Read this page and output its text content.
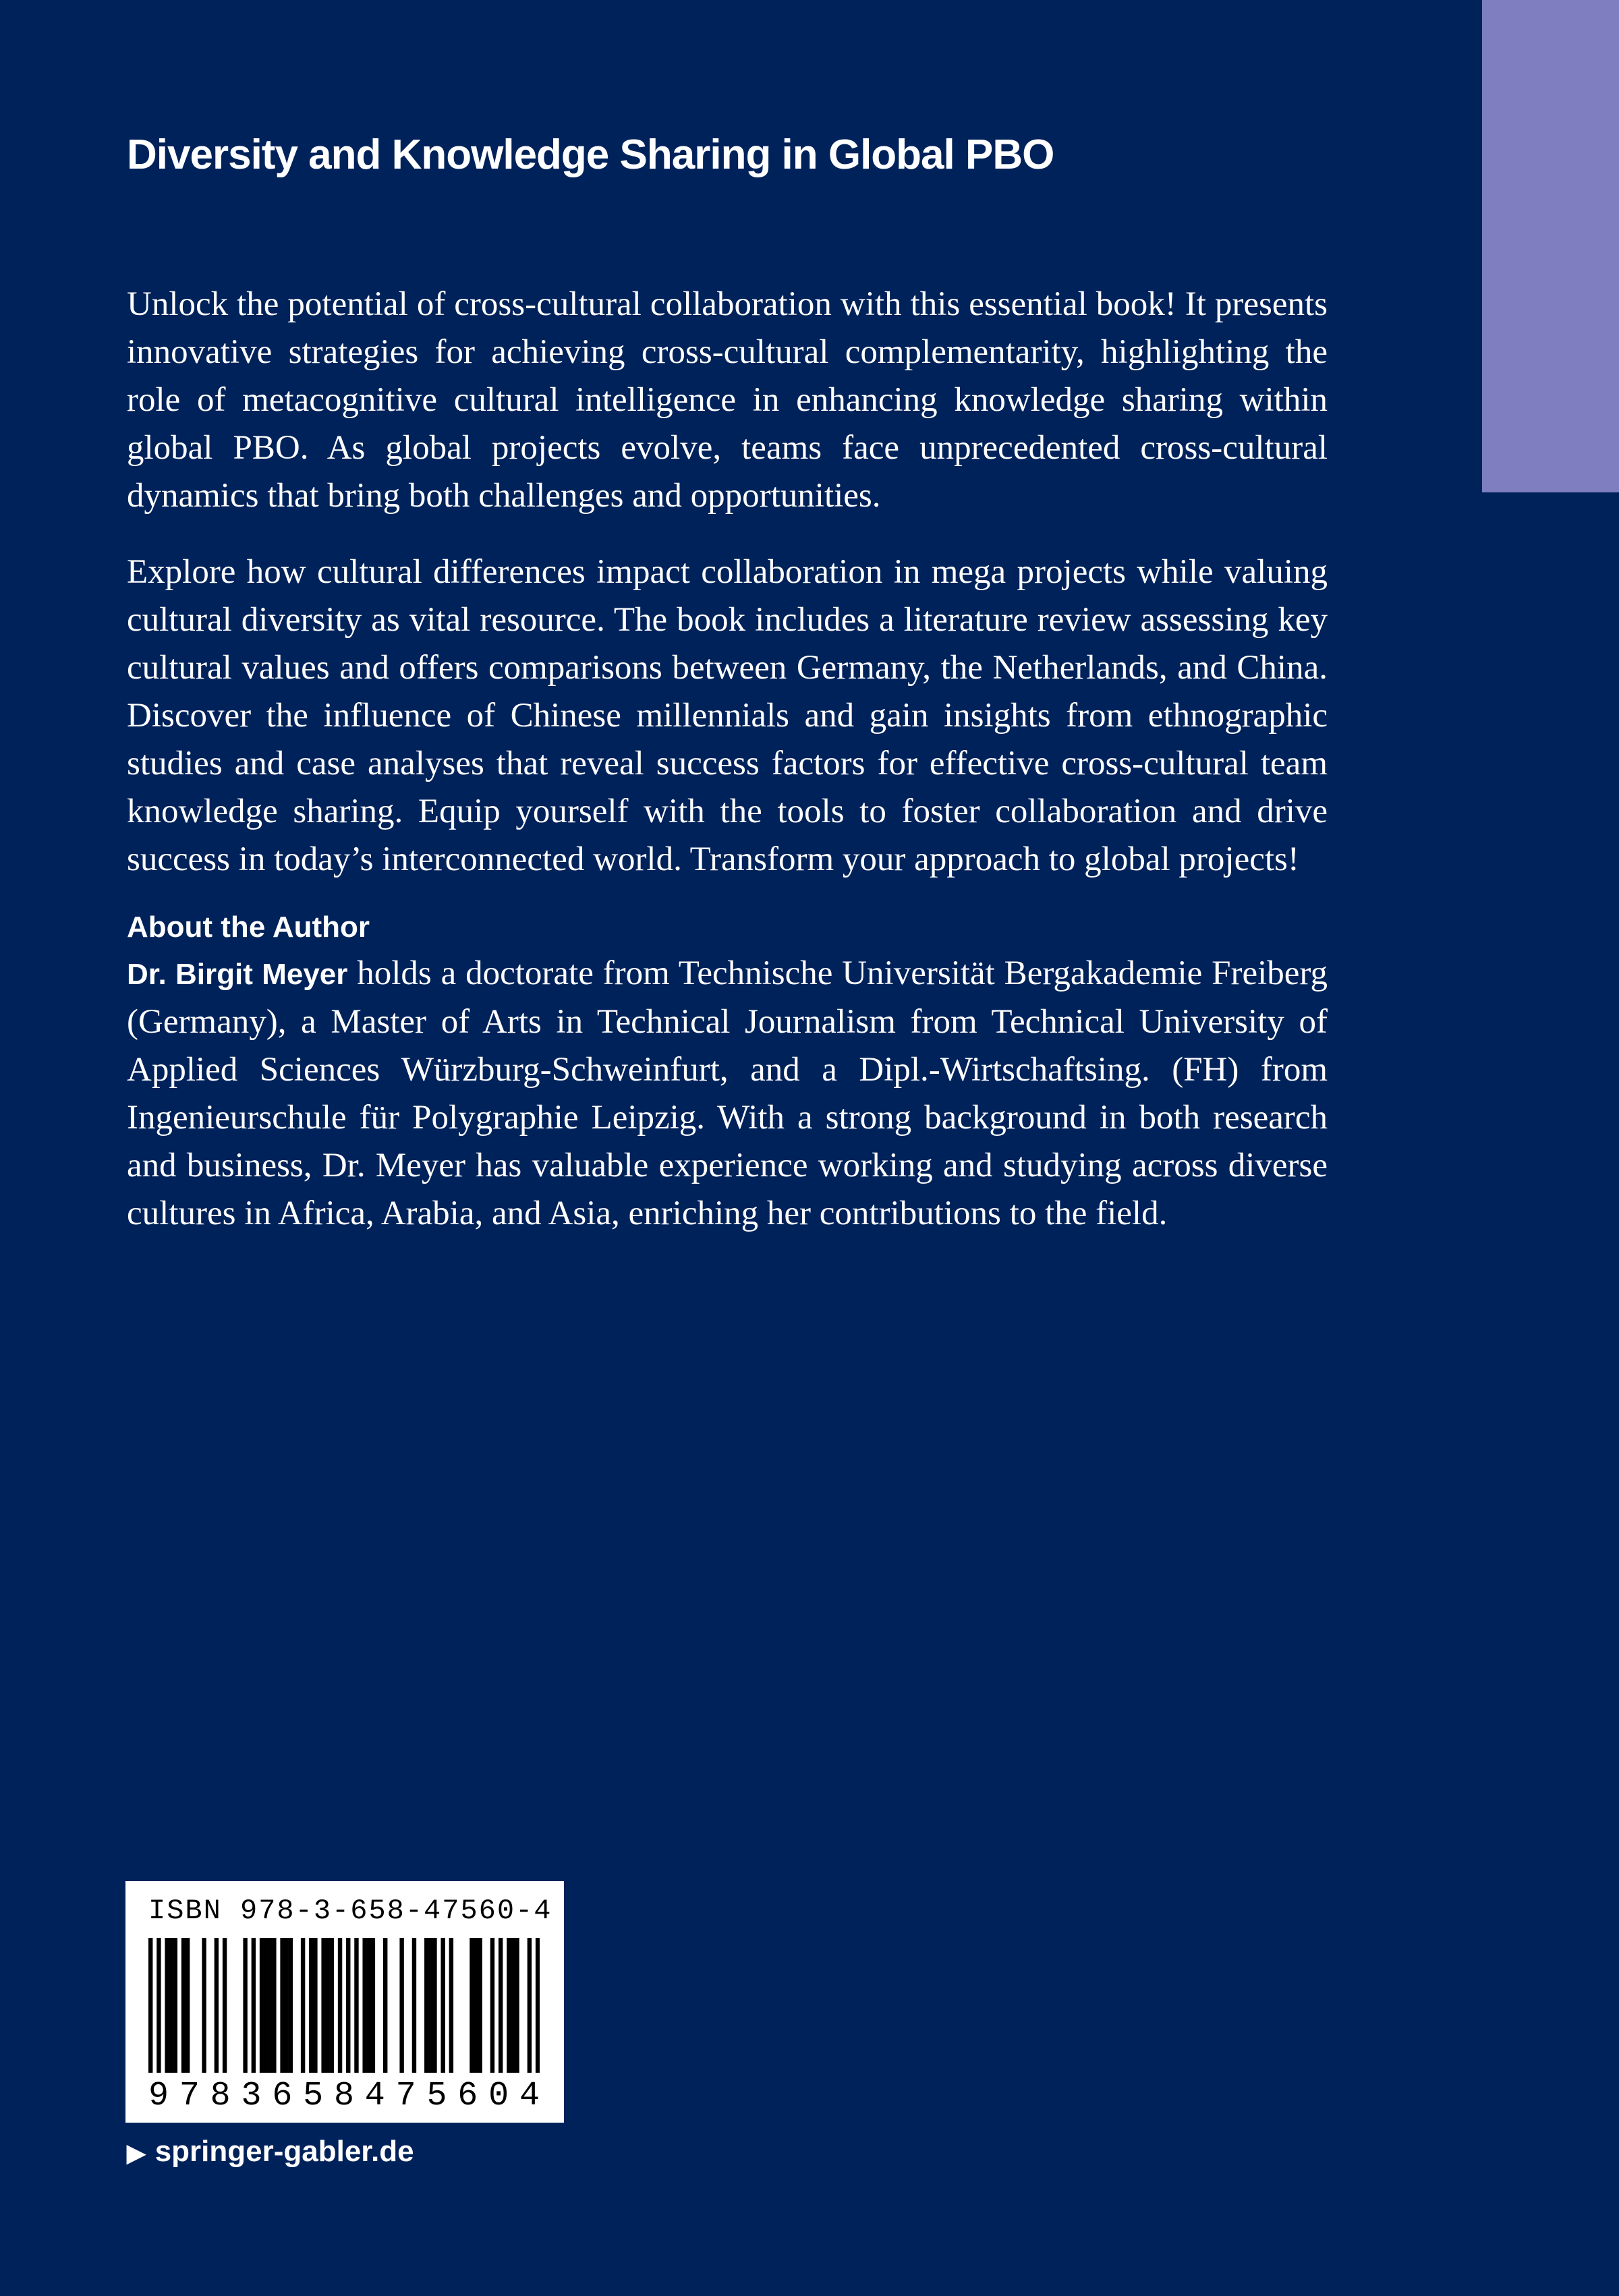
Diversity and Knowledge Sharing in Global PBO

Unlock the potential of cross-cultural collaboration with this essential book! It presents innovative strategies for achieving cross-cultural complementarity, highlighting the role of metacognitive cultural intelligence in enhancing knowledge sharing within global PBO. As global projects evolve, teams face unprecedented cross-cultural dynamics that bring both challenges and opportunities.

Explore how cultural differences impact collaboration in mega projects while valuing cultural diversity as vital resource. The book includes a literature review assessing key cultural values and offers comparisons between Germany, the Netherlands, and China. Discover the influence of Chinese millennials and gain insights from ethnographic studies and case analyses that reveal success factors for effective cross-cultural team knowledge sharing. Equip yourself with the tools to foster collaboration and drive success in today’s interconnected world. Transform your approach to global projects!

About the Author

Dr. Birgit Meyer holds a doctorate from Technische Universität Bergakademie Freiberg (Germany), a Master of Arts in Technical Journalism from Technical University of Applied Sciences Würzburg-Schweinfurt, and a Dipl.-Wirtschaftsing. (FH) from Ingenieurschule für Polygraphie Leipzig. With a strong background in both research and business, Dr. Meyer has valuable experience working and studying across diverse cultures in Africa, Arabia, and Asia, enriching her contributions to the field.

ISBN 978-3-658-47560-4
9 7 8 3 6 5 8 4 7 5 6 0 4
▶ springer-gabler.de
